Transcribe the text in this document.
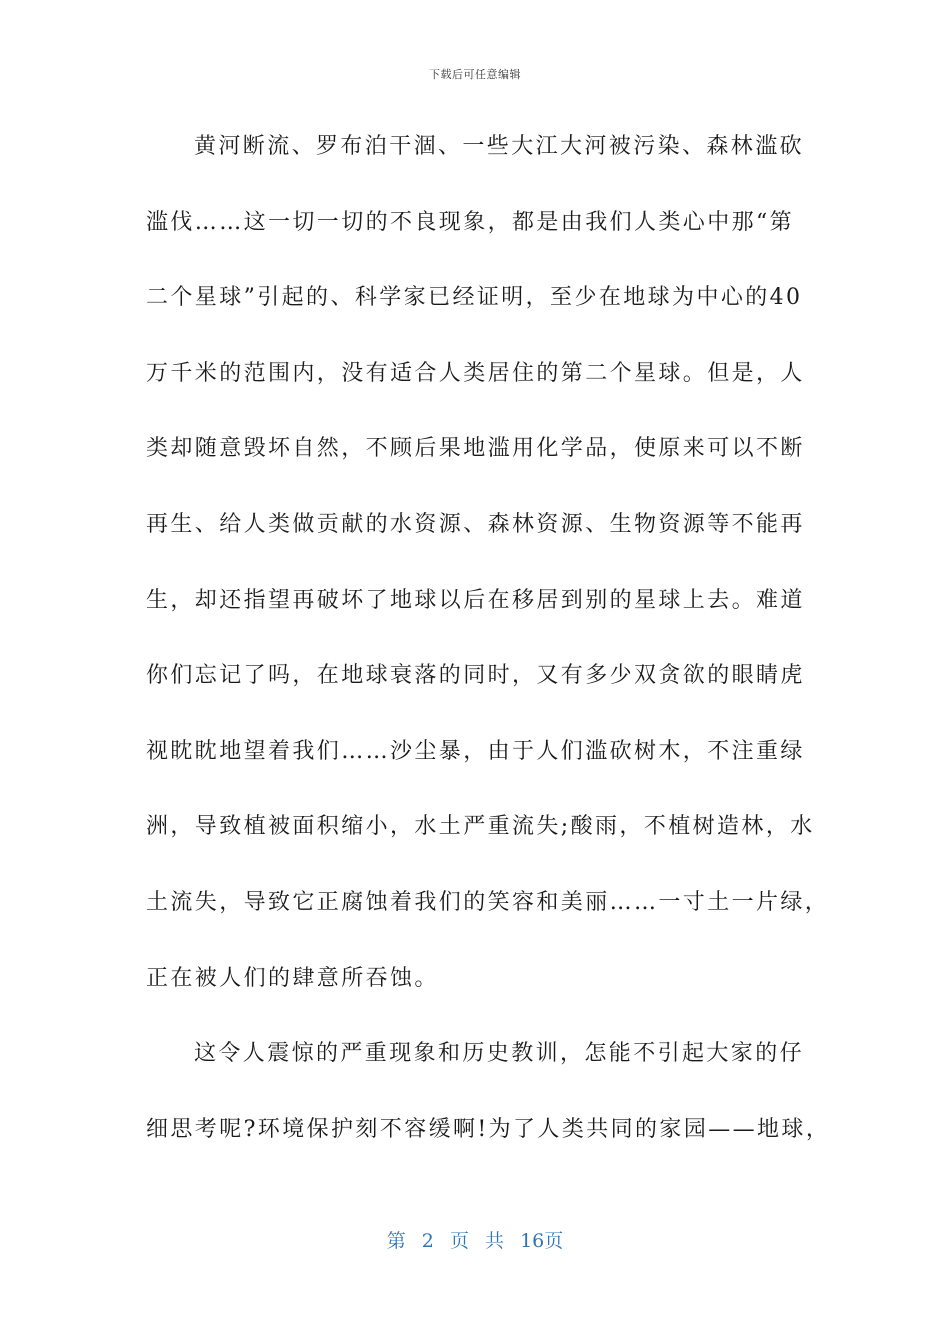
下载后可任意编辑
黄河断流、罗布泊干涸、一些大江大河被污染、森林滥砍
滥伐……这一切一切的不良现象，都是由我们人类心中那“第
二个星球”引起的、科学家已经证明，至少在地球为中心的40
万千米的范围内，没有适合人类居住的第二个星球。但是，人
类却随意毁坏自然，不顾后果地滥用化学品，使原来可以不断
再生、给人类做贡献的水资源、森林资源、生物资源等不能再
生，却还指望再破坏了地球以后在移居到别的星球上去。难道
你们忘记了吗，在地球衰落的同时，又有多少双贪欲的眼睛虎
视眈眈地望着我们……沙尘暴，由于人们滥砍树木，不注重绿
洲，导致植被面积缩小，水土严重流失;酸雨，不植树造林，水
土流失，导致它正腐蚀着我们的笑容和美丽……一寸土一片绿，
正在被人们的肆意所吞蚀。
这令人震惊的严重现象和历史教训，怎能不引起大家的仔
细思考呢?环境保护刻不容缓啊!为了人类共同的家园——地球，
第 2 页 共 16页
